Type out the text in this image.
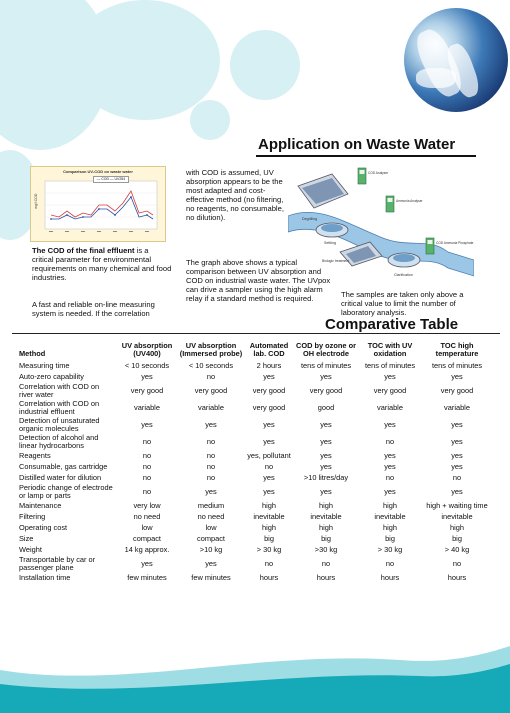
Application on Waste Water
Comparison UV-COD on waste water
mg/l COD
— COD — UV254
The COD of the final effluent is a critical parameter for environmental requirements on many chemical and food industries.
A fast and reliable on-line measuring system is needed. If the correlation
with COD is assumed, UV absorption appears to be the most adapted and cost-effective method (no filtering, no reagents, no consumable, no dilution).
The graph above shows a typical comparison between UV absorption and COD on industrial waste water. The UVpox can drive a sampler using the high alarm relay if a standard method is required.	The samples are taken only above a critical value to limit the number of laboratory analysis.
Degrilling
Settling
Biologic treatment
Clarification
COD Analyser
Ammonia Analyser
COD Ammonia Phosphate
Comparative Table
Method	UV absorption (UV400)	UV absorption (Immersed probe)	Automated lab. COD	COD by ozone or OH electrode	TOC with UV oxidation	TOC high temperature
Measuring time	< 10 seconds	< 10 seconds	2 hours	tens of minutes	tens of minutes	tens of minutes
Auto-zero capability	yes	no	yes	yes	yes	yes
Correlation with COD on river water	very good	very good	very good	very good	very good	very good
Correlation with COD on industrial effluent	variable	variable	very good	good	variable	variable
Detection of unsaturated organic molecules	yes	yes	yes	yes	yes	yes
Detection of alcohol and linear hydrocarbons	no	no	yes	yes	no	yes
Reagents	no	no	yes, pollutant	yes	yes	yes
Consumable, gas cartridge	no	no	no	yes	yes	yes
Distilled water for dilution	no	no	yes	>10 litres/day	no	no
Periodic change of electrode or lamp or parts	no	yes	yes	yes	yes	yes
Maintenance	very low	medium	high	high	high	high + waiting time
Filtering	no need	no need	inevitable	inevitable	inevitable	inevitable
Operating cost	low	low	high	high	high	high
Size	compact	compact	big	big	big	big
Weight	14 kg approx.	>10 kg	> 30 kg	>30 kg	> 30 kg	> 40 kg
Transportable by car or passenger plane	yes	yes	no	no	no	no
Installation time	few minutes	few minutes	hours	hours	hours	hours
